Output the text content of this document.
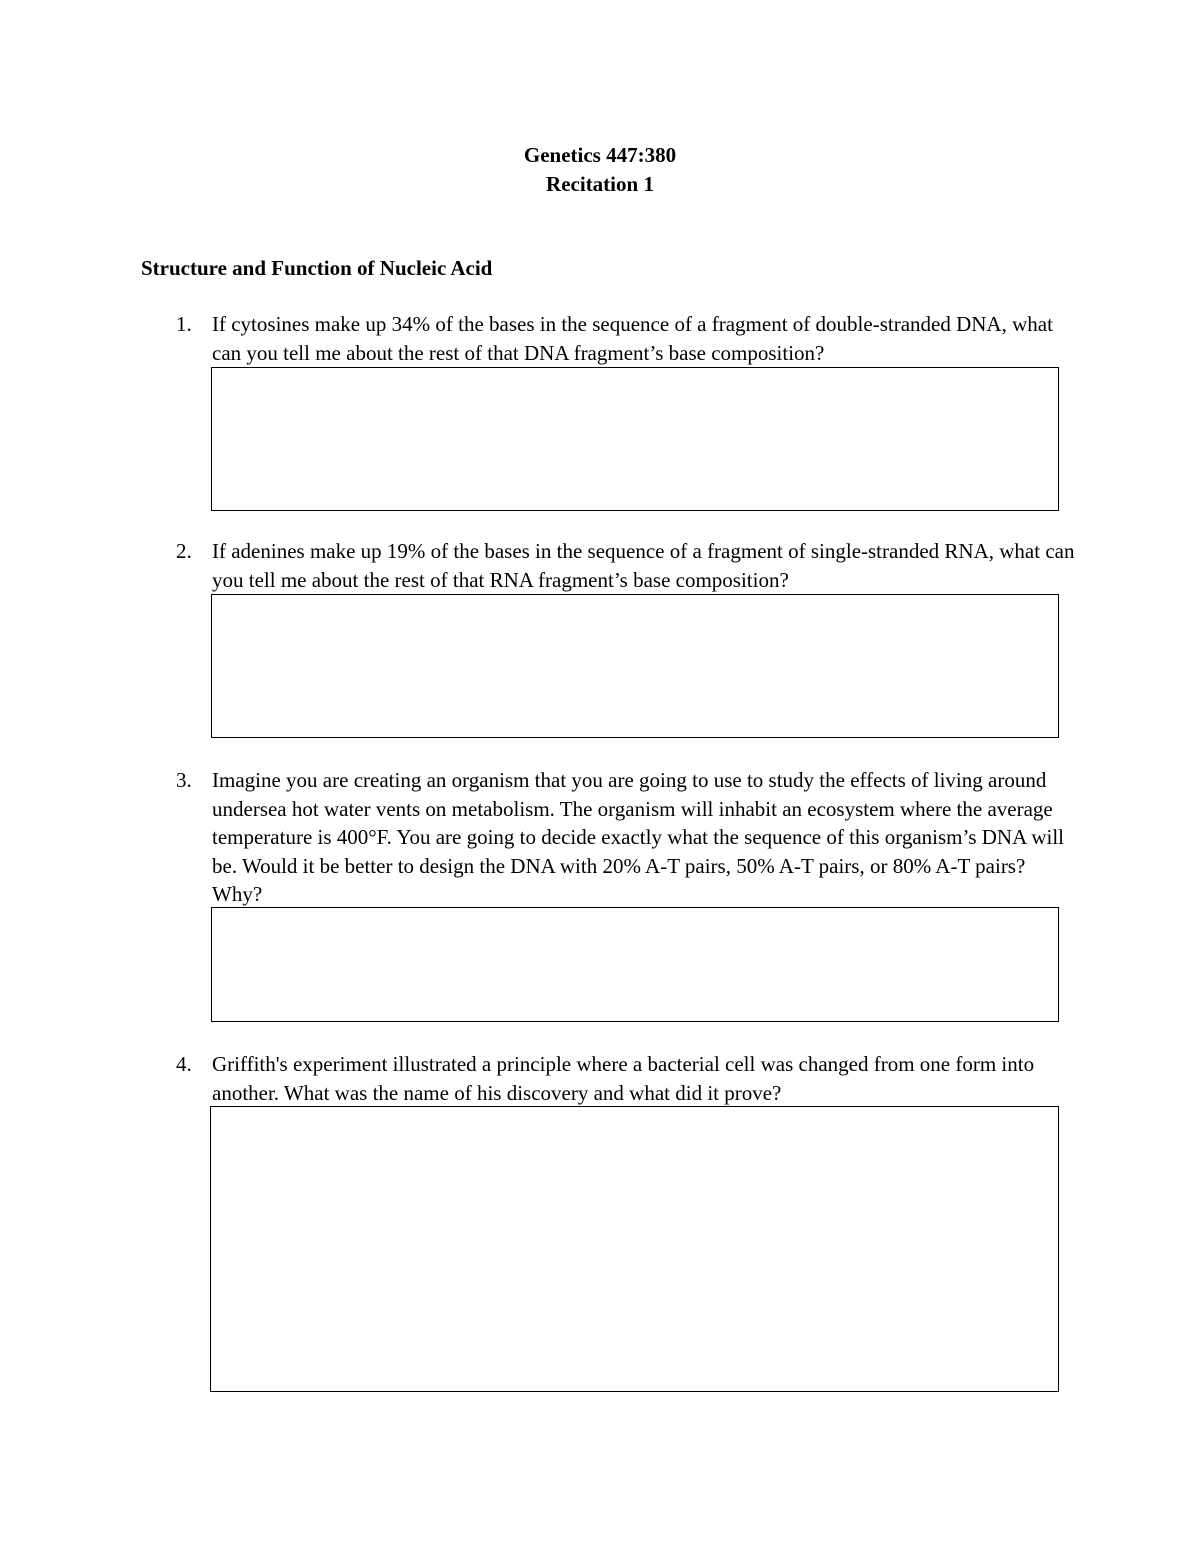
Genetics 447:380
Recitation 1
Structure and Function of Nucleic Acid
1. If cytosines make up 34% of the bases in the sequence of a fragment of double-stranded DNA, what can you tell me about the rest of that DNA fragment’s base composition?
2. If adenines make up 19% of the bases in the sequence of a fragment of single-stranded RNA, what can you tell me about the rest of that RNA fragment’s base composition?
3. Imagine you are creating an organism that you are going to use to study the effects of living around undersea hot water vents on metabolism. The organism will inhabit an ecosystem where the average temperature is 400°F. You are going to decide exactly what the sequence of this organism’s DNA will be. Would it be better to design the DNA with 20% A-T pairs, 50% A-T pairs, or 80% A-T pairs? Why?
4. Griffith's experiment illustrated a principle where a bacterial cell was changed from one form into another. What was the name of his discovery and what did it prove?
